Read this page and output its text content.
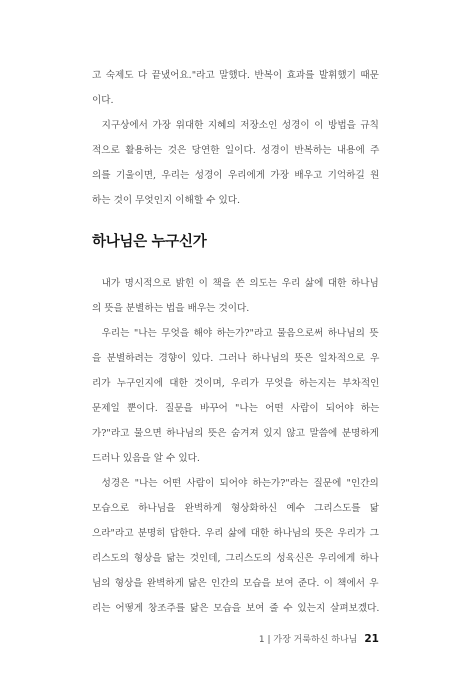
고 숙제도 다 끝냈어요."라고 말했다. 반복이 효과를 발휘했기 때문
이다.
　지구상에서 가장 위대한 지혜의 저장소인 성경이 이 방법을 규칙
적으로 활용하는 것은 당연한 일이다. 성경이 반복하는 내용에 주
의를 기울이면, 우리는 성경이 우리에게 가장 배우고 기억하길 원
하는 것이 무엇인지 이해할 수 있다.
하나님은 누구신가
　내가 명시적으로 밝힌 이 책을 쓴 의도는 우리 삶에 대한 하나님
의 뜻을 분별하는 법을 배우는 것이다.
　우리는 "나는 무엇을 해야 하는가?"라고 물음으로써 하나님의 뜻
을 분별하려는 경향이 있다. 그러나 하나님의 뜻은 일차적으로 우
리가 누구인지에 대한 것이며, 우리가 무엇을 하는지는 부차적인
문제일 뿐이다. 질문을 바꾸어 "나는 어떤 사람이 되어야 하는
가?"라고 물으면 하나님의 뜻은 숨겨져 있지 않고 말씀에 분명하게
드러나 있음을 알 수 있다.
　성경은 "나는 어떤 사람이 되어야 하는가?"라는 질문에 "인간의
모습으로 하나님을 완벽하게 형상화하신 예수 그리스도를 닮
으라"라고 분명히 답한다. 우리 삶에 대한 하나님의 뜻은 우리가 그
리스도의 형상을 닮는 것인데, 그리스도의 성육신은 우리에게 하나
님의 형상을 완벽하게 닮은 인간의 모습을 보여 준다. 이 책에서 우
리는 어떻게 창조주를 닮은 모습을 보여 줄 수 있는지 살펴보겠다.
1 | 가장 거룩하신 하나님 21
